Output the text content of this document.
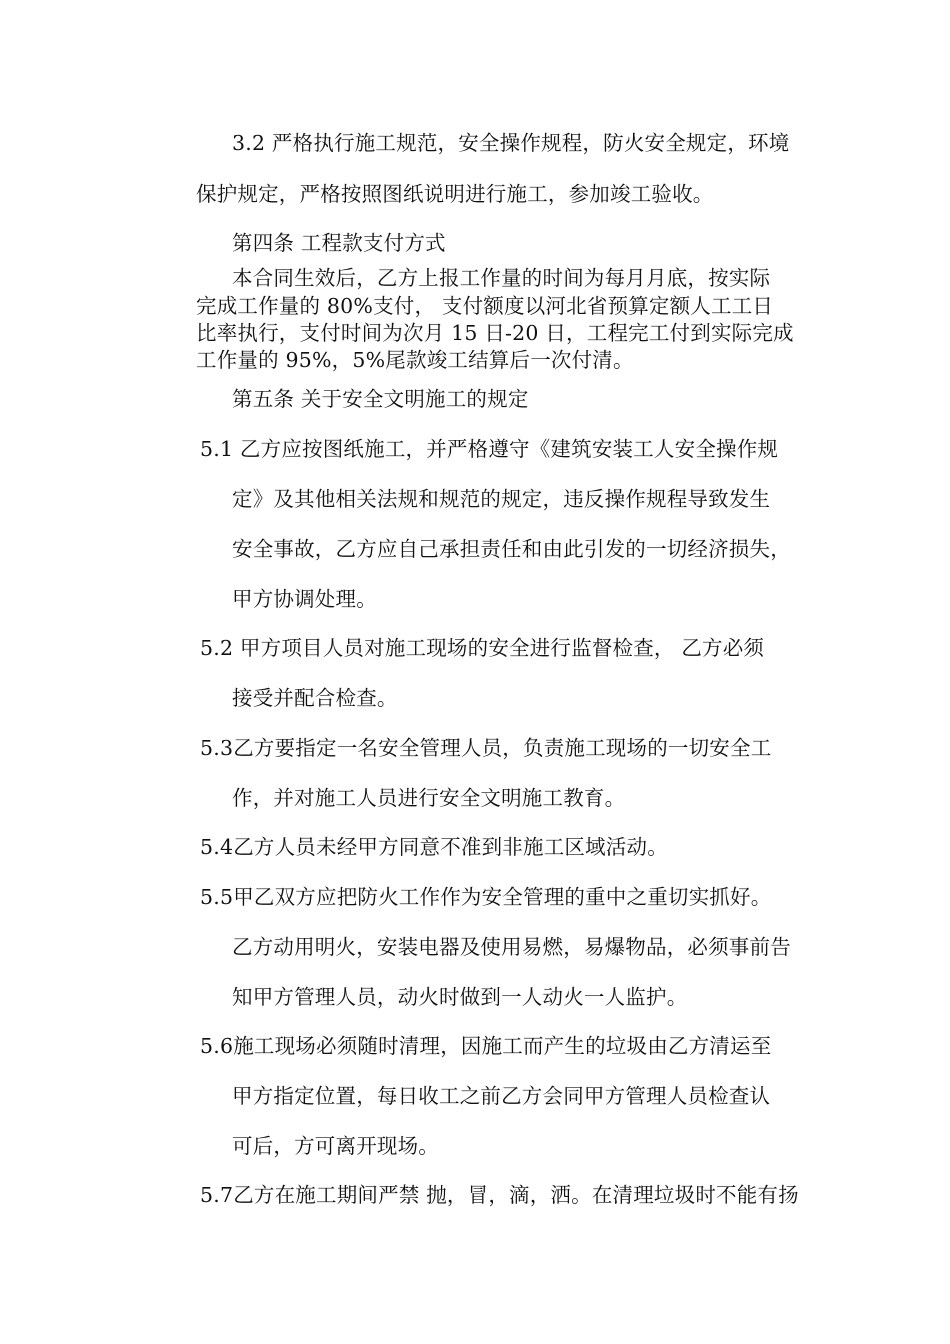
3.2 严格执行施工规范，安全操作规程，防火安全规定，环境
保护规定，严格按照图纸说明进行施工，参加竣工验收。
第四条 工程款支付方式
本合同生效后，乙方上报工作量的时间为每月月底，按实际
完成工作量的 80%支付， 支付额度以河北省预算定额人工工日
比率执行，支付时间为次月 15 日-20 日，工程完工付到实际完成
工作量的 95%，5%尾款竣工结算后一次付清。
第五条 关于安全文明施工的规定
5.1 乙方应按图纸施工，并严格遵守《建筑安装工人安全操作规
定》及其他相关法规和规范的规定，违反操作规程导致发生
安全事故，乙方应自己承担责任和由此引发的一切经济损失，
甲方协调处理。
5.2 甲方项目人员对施工现场的安全进行监督检查， 乙方必须
接受并配合检查。
5.3乙方要指定一名安全管理人员，负责施工现场的一切安全工
作，并对施工人员进行安全文明施工教育。
5.4乙方人员未经甲方同意不准到非施工区域活动。
5.5甲乙双方应把防火工作作为安全管理的重中之重切实抓好。
乙方动用明火，安装电器及使用易燃，易爆物品，必须事前告
知甲方管理人员，动火时做到一人动火一人监护。
5.6施工现场必须随时清理，因施工而产生的垃圾由乙方清运至
甲方指定位置，每日收工之前乙方会同甲方管理人员检查认
可后，方可离开现场。
5.7乙方在施工期间严禁 抛，冒，滴，洒。在清理垃圾时不能有扬
